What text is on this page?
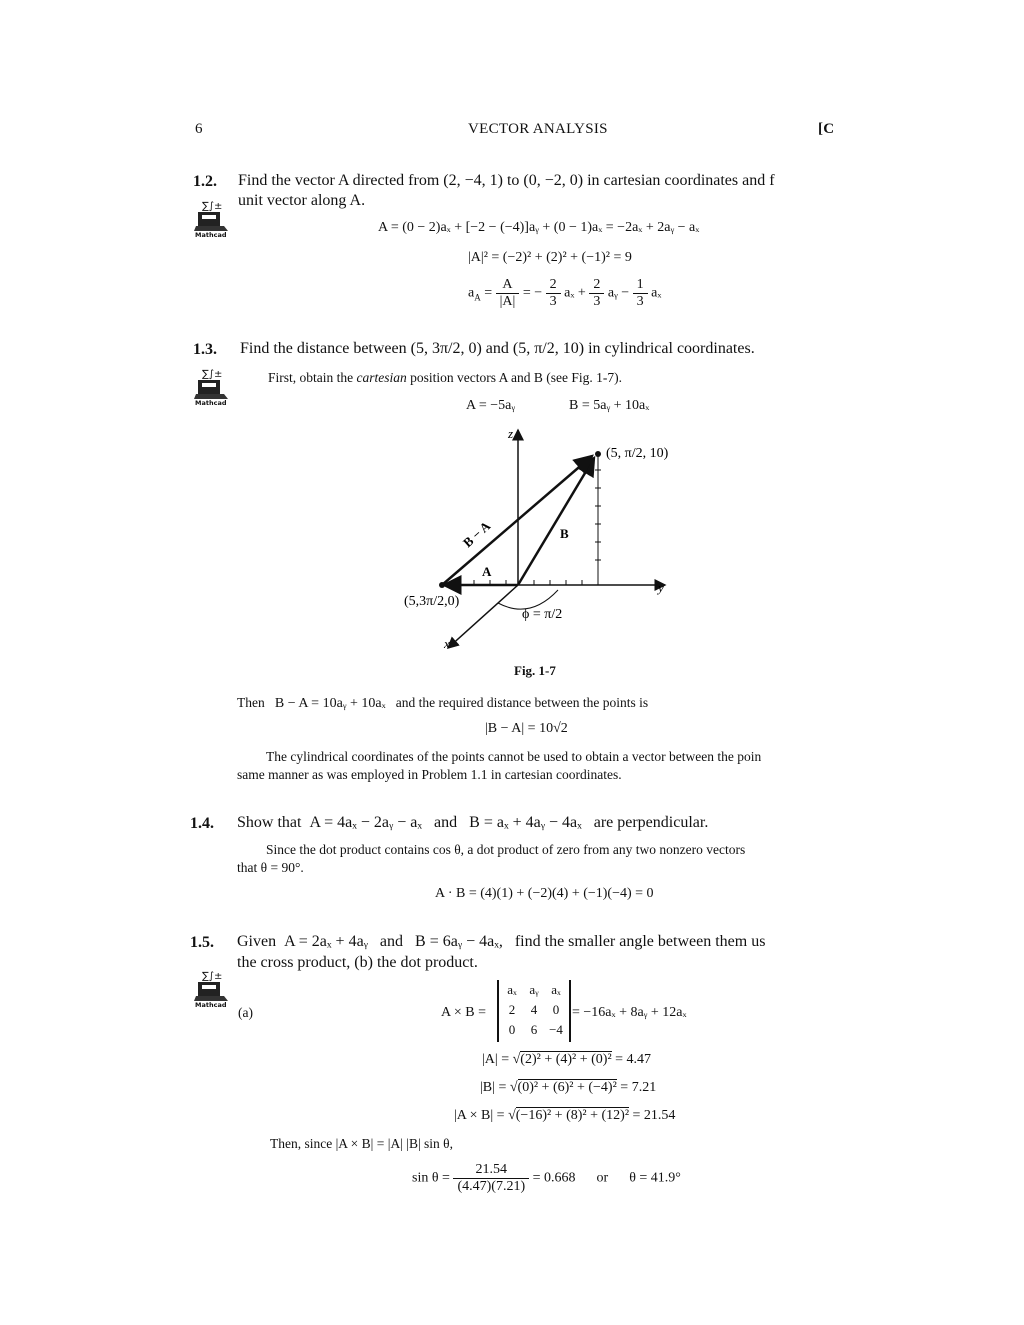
6	VECTOR ANALYSIS	[C
1.2. Find the vector A directed from (2, −4, 1) to (0, −2, 0) in cartesian coordinates and f
unit vector along A.
∑∫±
Mathcad	A = (0 − 2)aₓ + [−2 − (−4)]aᵧ + (0 − 1)aₓ = −2aₓ + 2aᵧ − aₓ
|A|² = (−2)² + (2)² + (−1)² = 9
$a_A = \frac{A}{|A|}$ = − $\frac{2}{3}$ $a_x + \frac{2}{3}$ aᵧ − $\frac{1}{3}$ aₓ
1.3. Find the distance between (5, 3π/2, 0) and (5, π/2, 10) in cylindrical coordinates.
∑∫±
Mathcad
First, obtain the cartesian position vectors A and B (see Fig. 1-7).
A = −5aᵧ	B = 5aᵧ + 10aₓ
z
y
x
(5, π/2, 10)
(5,3π/2,0)
B − A	B
A
ϕ = π/2
Fig. 1-7
Then B − A = 10aᵧ + 10aₓ and the required distance between the points is
|B − A| = 10√2
The cylindrical coordinates of the points cannot be used to obtain a vector between the poin
same manner as was employed in Problem 1.1 in cartesian coordinates.
1.4. Show that A = 4aₓ − 2aᵧ − aₓ and B = aₓ + 4aᵧ − 4aₓ are perpendicular.
Since the dot product contains cos θ, a dot product of zero from any two nonzero vectors
that θ = 90°.
A · B = (4)(1) + (−2)(4) + (−1)(−4) = 0
1.5. Given A = 2aₓ + 4aᵧ and B = 6aᵧ − 4aₓ, find the smaller angle between them us
the cross product, (b) the dot product.
∑∫±
Mathcad (a)	A × B =
aₓ aᵧ aₓ
2	4	0
0	6 −4
= −16aₓ + 8aᵧ + 12aₓ
|A| = √(2)² + (4)² + (0)² = 4.47
|B| = √(0)² + (6)² + (−4)² = 7.21
|A × B| = √(−16)² + (8)² + (12)² = 21.54
Then, since |A × B| = |A| |B| sin θ,
$\sin \theta = \frac{21.54}{(4.47)(7.21)} = 0.668$ or θ = 41.9°
